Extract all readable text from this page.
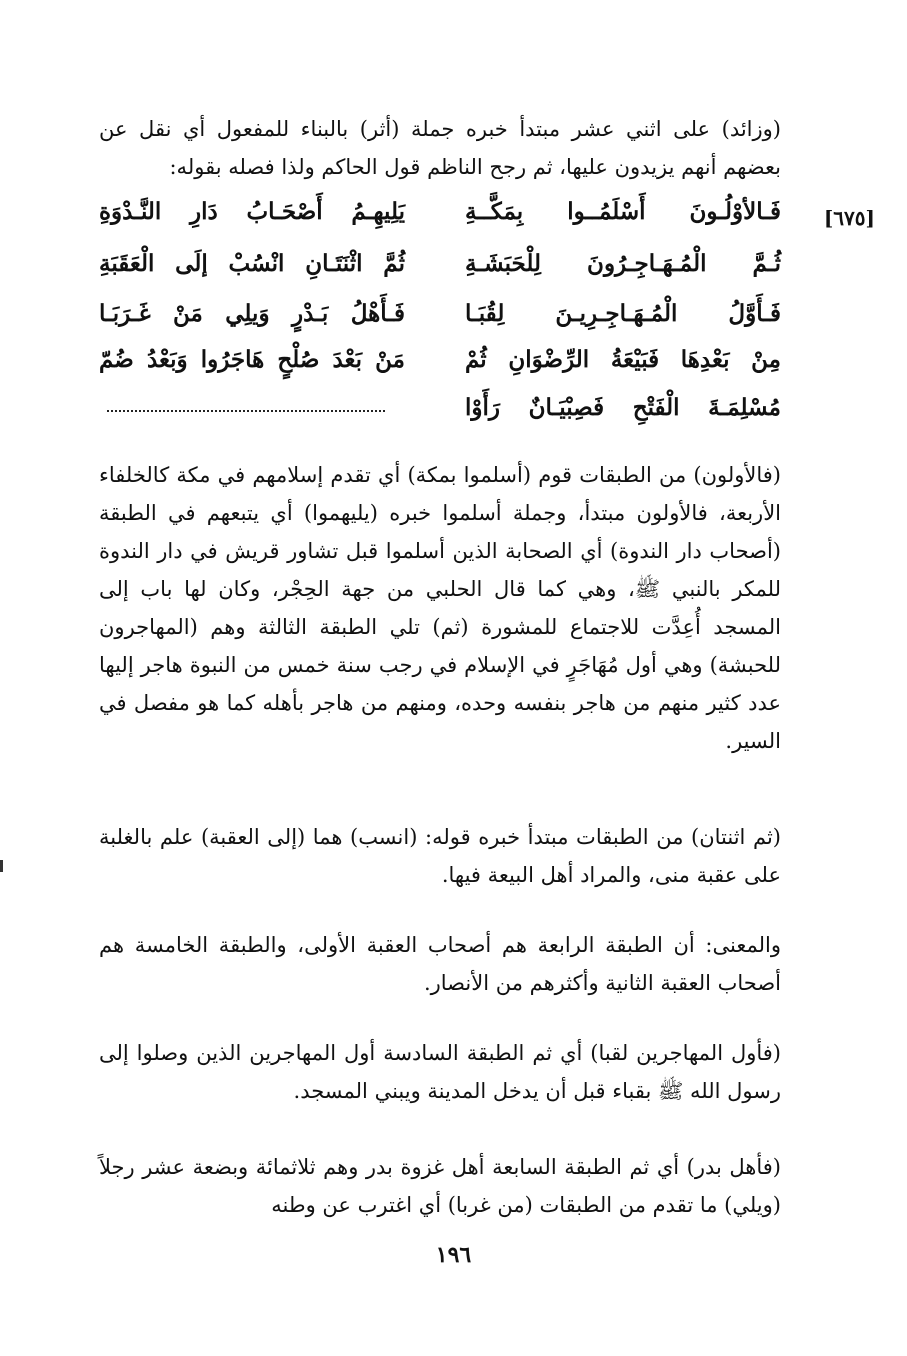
(وزائد) على اثني عشر مبتدأ خبره جملة (أثر) بالبناء للمفعول أي نقل عن بعضهم أنهم يزيدون عليها، ثم رجح الناظم قول الحاكم ولذا فصله بقوله:

[٦٧٥]
فَـالأوْلُـونَ أَسْلَمُــوا بِمَكَّــةِ
يَلِيهِـمُ أَصْحَـابُ دَارِ النَّـدْوَةِ
ثُـمَّ الْمُـهَـاجِـرُونَ لِلْحَبَشَـةِ
ثُمَّ اثْنَتَـانِ انْسُبْ إلَى الْعَقَبَةِ
فَـأَوَّلُ الْمُـهَـاجِـرِيـنَ لِقُبَـا
فَـأَهْلُ بَـدْرٍ وَيلِي مَنْ غَـرَبَـا
مِنْ بَعْدِهَا فَبَيْعَةُ الرِّضْوَانِ ثُمْ
مَنْ بَعْدَ صُلْحٍ هَاجَرُوا وَبَعْدُ ضُمّ
مُسْلِمَـةَ الْفَتْحِ فَصِبْيَـانٌ رَأَوْا

(فالأولون) من الطبقات قوم (أسلموا بمكة) أي تقدم إسلامهم في مكة كالخلفاء الأربعة، فالأولون مبتدأ، وجملة أسلموا خبره (يليهموا) أي يتبعهم في الطبقة (أصحاب دار الندوة) أي الصحابة الذين أسلموا قبل تشاور قريش في دار الندوة للمكر بالنبي ﷺ، وهي كما قال الحلبي من جهة الحِجْر، وكان لها باب إلى المسجد أُعِدَّت للاجتماع للمشورة (ثم) تلي الطبقة الثالثة وهم (المهاجرون للحبشة) وهي أول مُهَاجَرٍ في الإسلام في رجب سنة خمس من النبوة هاجر إليها عدد كثير منهم من هاجر بنفسه وحده، ومنهم من هاجر بأهله كما هو مفصل في السير.

(ثم اثنتان) من الطبقات مبتدأ خبره قوله: (انسب) هما (إلى العقبة) علم بالغلبة على عقبة منى، والمراد أهل البيعة فيها.

والمعنى: أن الطبقة الرابعة هم أصحاب العقبة الأولى، والطبقة الخامسة هم أصحاب العقبة الثانية وأكثرهم من الأنصار.

(فأول المهاجرين لقبا) أي ثم الطبقة السادسة أول المهاجرين الذين وصلوا إلى رسول الله ﷺ بقباء قبل أن يدخل المدينة ويبني المسجد.

(فأهل بدر) أي ثم الطبقة السابعة أهل غزوة بدر وهم ثلاثمائة وبضعة عشر رجلاً (ويلي) ما تقدم من الطبقات (من غربا) أي اغترب عن وطنه

١٩٦
